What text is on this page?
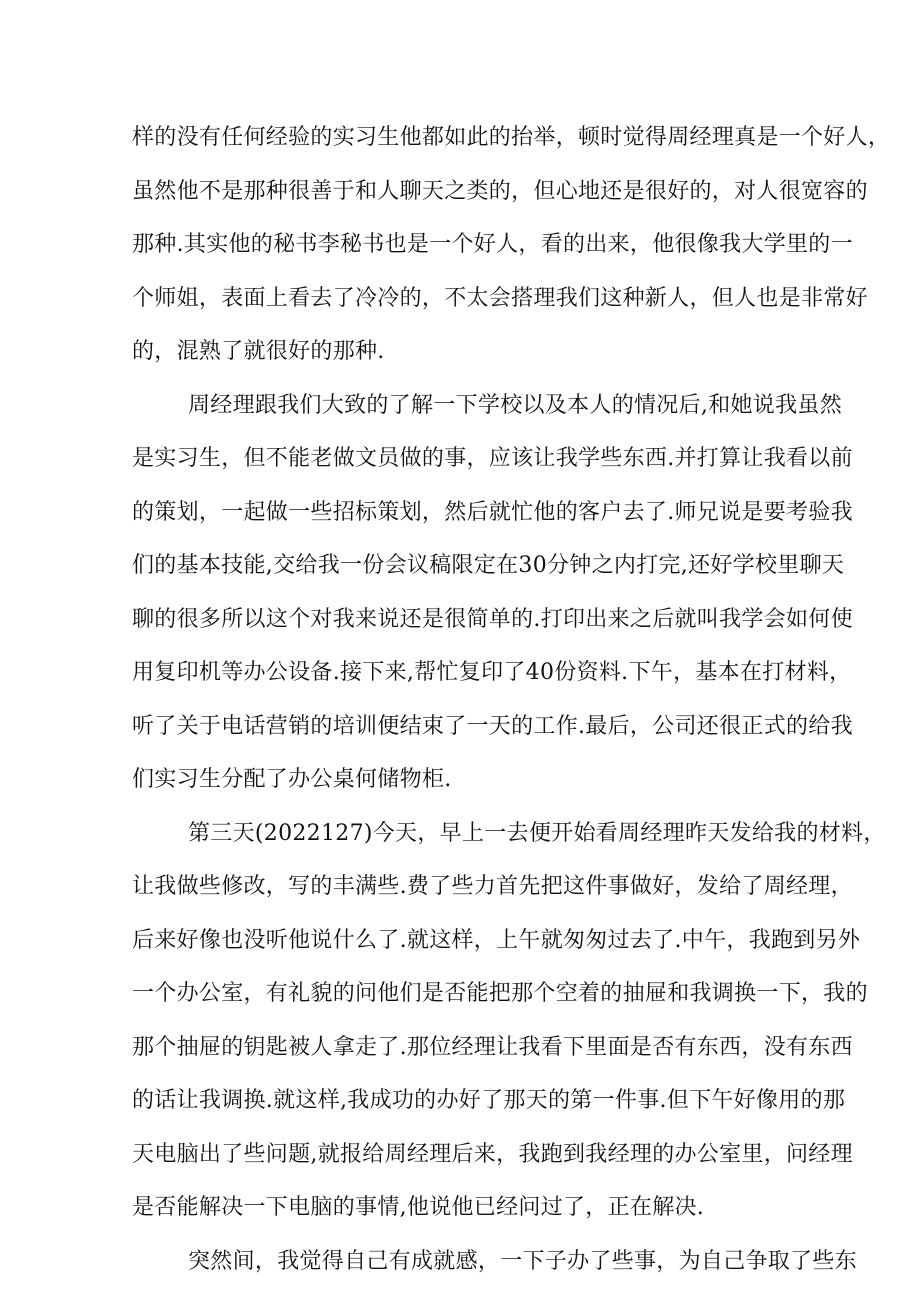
样的没有任何经验的实习生他都如此的抬举，顿时觉得周经理真是一个好人，
虽然他不是那种很善于和人聊天之类的，但心地还是很好的，对人很宽容的
那种.其实他的秘书李秘书也是一个好人，看的出来，他很像我大学里的一
个师姐，表面上看去了冷冷的，不太会搭理我们这种新人，但人也是非常好
的，混熟了就很好的那种.
周经理跟我们大致的了解一下学校以及本人的情况后,和她说我虽然
是实习生，但不能老做文员做的事，应该让我学些东西.并打算让我看以前
的策划，一起做一些招标策划，然后就忙他的客户去了.师兄说是要考验我
们的基本技能,交给我一份会议稿限定在30分钟之内打完,还好学校里聊天
聊的很多所以这个对我来说还是很简单的.打印出来之后就叫我学会如何使
用复印机等办公设备.接下来,帮忙复印了40份资料.下午，基本在打材料，
听了关于电话营销的培训便结束了一天的工作.最后，公司还很正式的给我
们实习生分配了办公桌何储物柜.
第三天(2022127)今天，早上一去便开始看周经理昨天发给我的材料，
让我做些修改，写的丰满些.费了些力首先把这件事做好，发给了周经理，
后来好像也没听他说什么了.就这样，上午就匆匆过去了.中午，我跑到另外
一个办公室，有礼貌的问他们是否能把那个空着的抽屉和我调换一下，我的
那个抽屉的钥匙被人拿走了.那位经理让我看下里面是否有东西，没有东西
的话让我调换.就这样,我成功的办好了那天的第一件事.但下午好像用的那
天电脑出了些问题,就报给周经理后来，我跑到我经理的办公室里，问经理
是否能解决一下电脑的事情,他说他已经问过了，正在解决.
突然间，我觉得自己有成就感，一下子办了些事，为自己争取了些东
